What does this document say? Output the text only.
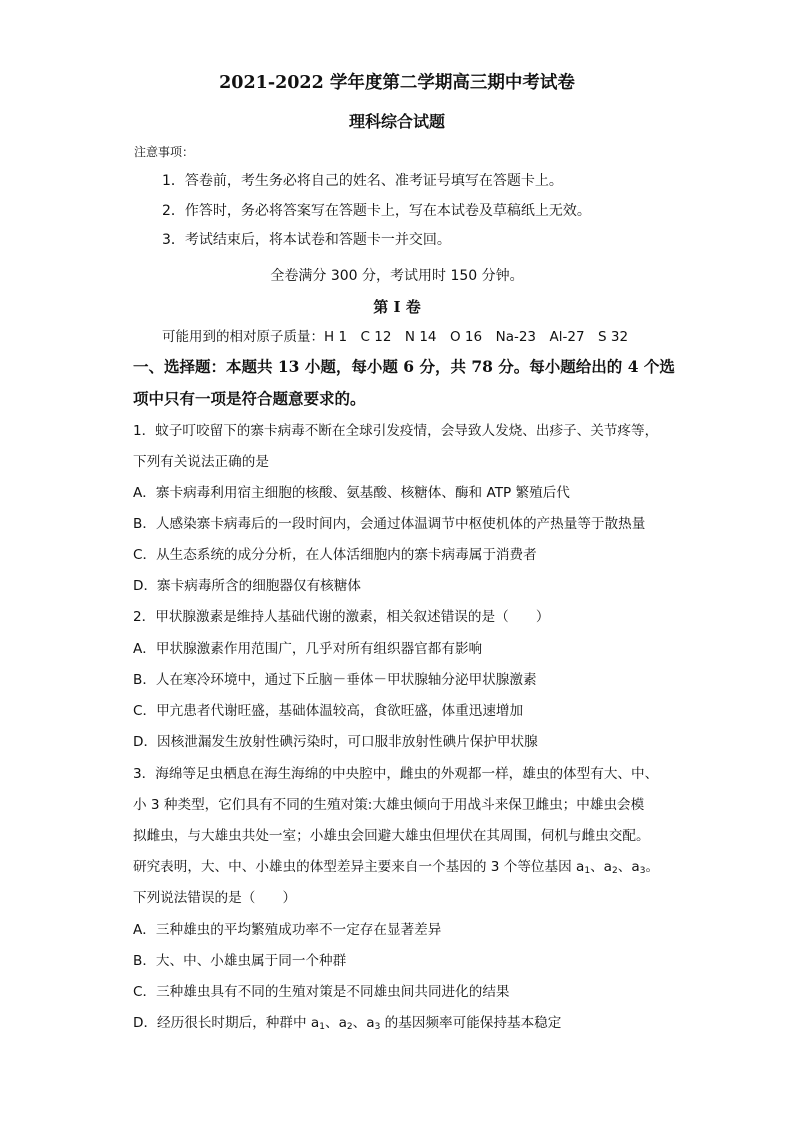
2021-2022 学年度第二学期高三期中考试卷
理科综合试题
注意事项：
1．答卷前，考生务必将自己的姓名、准考证号填写在答题卡上。
2．作答时，务必将答案写在答题卡上，写在本试卷及草稿纸上无效。
3．考试结束后，将本试卷和答题卡一并交回。
全卷满分 300 分，考试用时 150 分钟。
第 I 卷
可能用到的相对原子质量：H 1　C 12　N 14　O 16　Na-23　Al-27　S 32
一、选择题：本题共 13 小题，每小题 6 分，共 78 分。每小题给出的 4 个选
项中只有一项是符合题意要求的。
1．蚊子叮咬留下的寨卡病毒不断在全球引发疫情，会导致人发烧、出疹子、关节疼等，
下列有关说法正确的是
A．寨卡病毒利用宿主细胞的核酸、氨基酸、核糖体、酶和 ATP 繁殖后代
B．人感染寨卡病毒后的一段时间内，会通过体温调节中枢使机体的产热量等于散热量
C．从生态系统的成分分析，在人体活细胞内的寨卡病毒属于消费者
D．寨卡病毒所含的细胞器仅有核糖体
2．甲状腺激素是维持人基础代谢的激素，相关叙述错误的是（　　）
A．甲状腺激素作用范围广，几乎对所有组织器官都有影响
B．人在寒冷环境中，通过下丘脑－垂体－甲状腺轴分泌甲状腺激素
C．甲亢患者代谢旺盛，基础体温较高，食欲旺盛，体重迅速增加
D．因核泄漏发生放射性碘污染时，可口服非放射性碘片保护甲状腺
3．海绵等足虫栖息在海生海绵的中央腔中，雌虫的外观都一样，雄虫的体型有大、中、
小 3 种类型，它们具有不同的生殖对策:大雄虫倾向于用战斗来保卫雌虫；中雄虫会模
拟雌虫，与大雄虫共处一室；小雄虫会回避大雄虫但埋伏在其周围，伺机与雌虫交配。
研究表明，大、中、小雄虫的体型差异主要来自一个基因的 3 个等位基因 $a_1$、$a_2$、$a_3$。
下列说法错误的是（　　）
A．三种雄虫的平均繁殖成功率不一定存在显著差异
B．大、中、小雄虫属于同一个种群
C．三种雄虫具有不同的生殖对策是不同雄虫间共同进化的结果
D．经历很长时期后，种群中 $a_1$、$a_2$、$a_3$ 的基因频率可能保持基本稳定
